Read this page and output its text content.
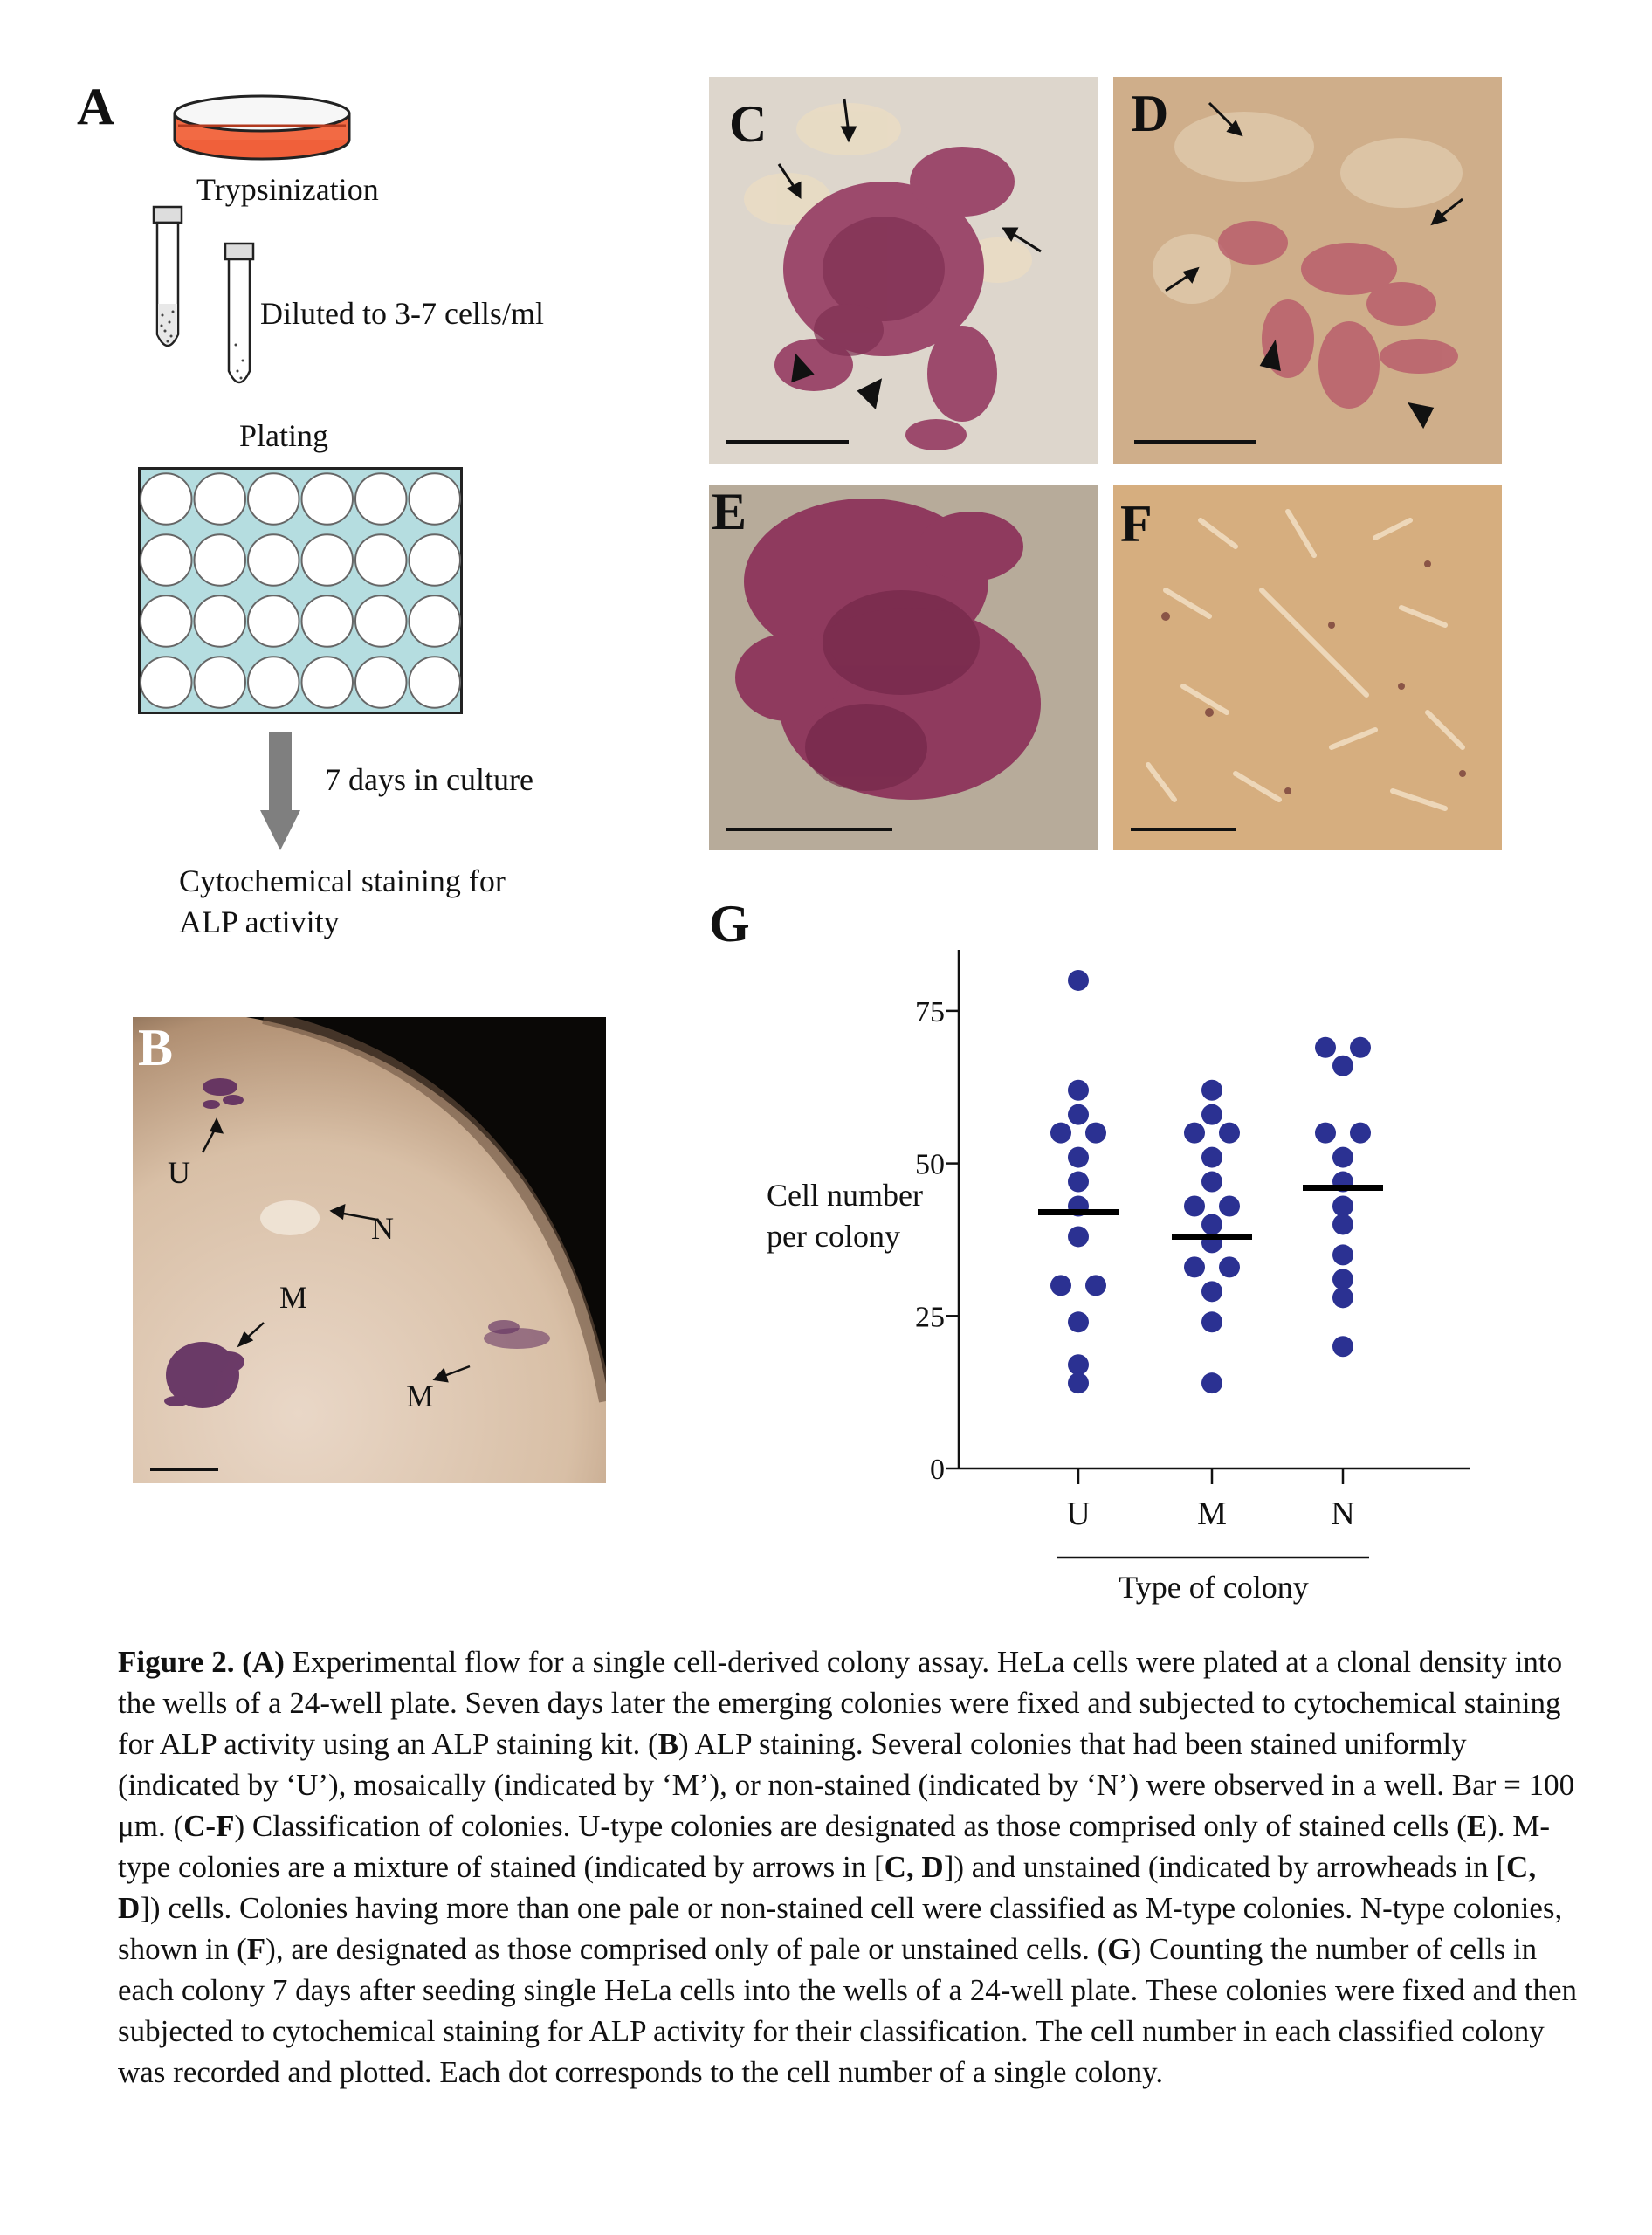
A
Trypsinization
Diluted to 3-7 cells/ml
Plating
7 days in culture
Cytochemical staining for
ALP activity
B
U
N
M
M
C	D
E	F
G
Cell number
per colony
0
25
50
75
U	M	N
Type of colony
Figure 2. (A) Experimental flow for a single cell-derived colony assay. HeLa cells were plated at a clonal density into the wells of a 24-well plate. Seven days later the emerging colonies were fixed and subjected to cytochemical staining for ALP activity using an ALP staining kit. (B) ALP staining. Several colonies that had been stained uniformly (indicated by ‘U’), mosaically (indicated by ‘M’), or non-stained (indicated by ‘N’) were observed in a well. Bar = 100 μm. (C-F) Classification of colonies. U-type colonies are designated as those comprised only of stained cells (E). M-type colonies are a mixture of stained (indicated by arrows in [C, D]) and unstained (indicated by arrowheads in [C, D]) cells. Colonies having more than one pale or non-stained cell were classified as M-type colonies. N-type colonies, shown in (F), are designated as those comprised only of pale or unstained cells. (G) Counting the number of cells in each colony 7 days after seeding single HeLa cells into the wells of a 24-well plate. These colonies were fixed and then subjected to cytochemical staining for ALP activity for their classification. The cell number in each classified colony was recorded and plotted. Each dot corresponds to the cell number of a single colony.
